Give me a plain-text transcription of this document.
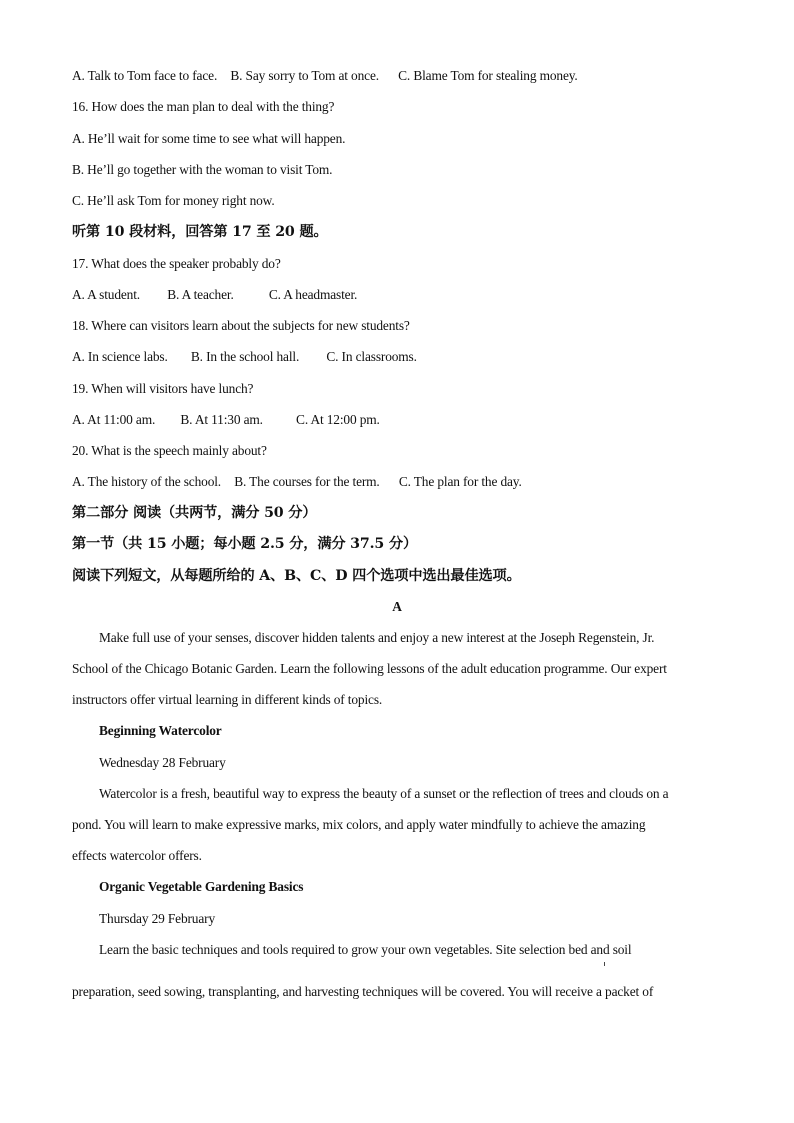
A. Talk to Tom face to face. B. Say sorry to Tom at once. C. Blame Tom for stealing money.
16. How does the man plan to deal with the thing?
A. He’ll wait for some time to see what will happen.
B. He’ll go together with the woman to visit Tom.
C. He’ll ask Tom for money right now.
听第 10 段材料，回答第 17 至 20 题。
17. What does the speaker probably do?
A. A student. B. A teacher.	C. A headmaster.
18. Where can visitors learn about the subjects for new students?
A. In science labs. B. In the school hall. C. In classrooms.
19. When will visitors have lunch?
A. At 11:00 am. B. At 11:30 am. C. At 12:00 pm.
20. What is the speech mainly about?
A. The history of the school. B. The courses for the term. C. The plan for the day.
第二部分 阅读（共两节，满分 50 分）
第一节（共 15 小题；每小题 2.5 分，满分 37.5 分）
阅读下列短文，从每题所给的 A、B、C、D 四个选项中选出最佳选项。
A
Make full use of your senses, discover hidden talents and enjoy a new interest at the Joseph Regenstein, Jr.
School of the Chicago Botanic Garden. Learn the following lessons of the adult education programme. Our expert
instructors offer virtual learning in different kinds of topics.
Beginning Watercolor
Wednesday 28 February
Watercolor is a fresh, beautiful way to express the beauty of a sunset or the reflection of trees and clouds on a
pond. You will learn to make expressive marks, mix colors, and apply water mindfully to achieve the amazing
effects watercolor offers.
Organic Vegetable Gardening Basics
Thursday 29 February
Learn the basic techniques and tools required to grow your own vegetables. Site selection bed and soil
preparation, seed sowing, transplanting, and harvesting techniques will be covered. You will receive a packet of
